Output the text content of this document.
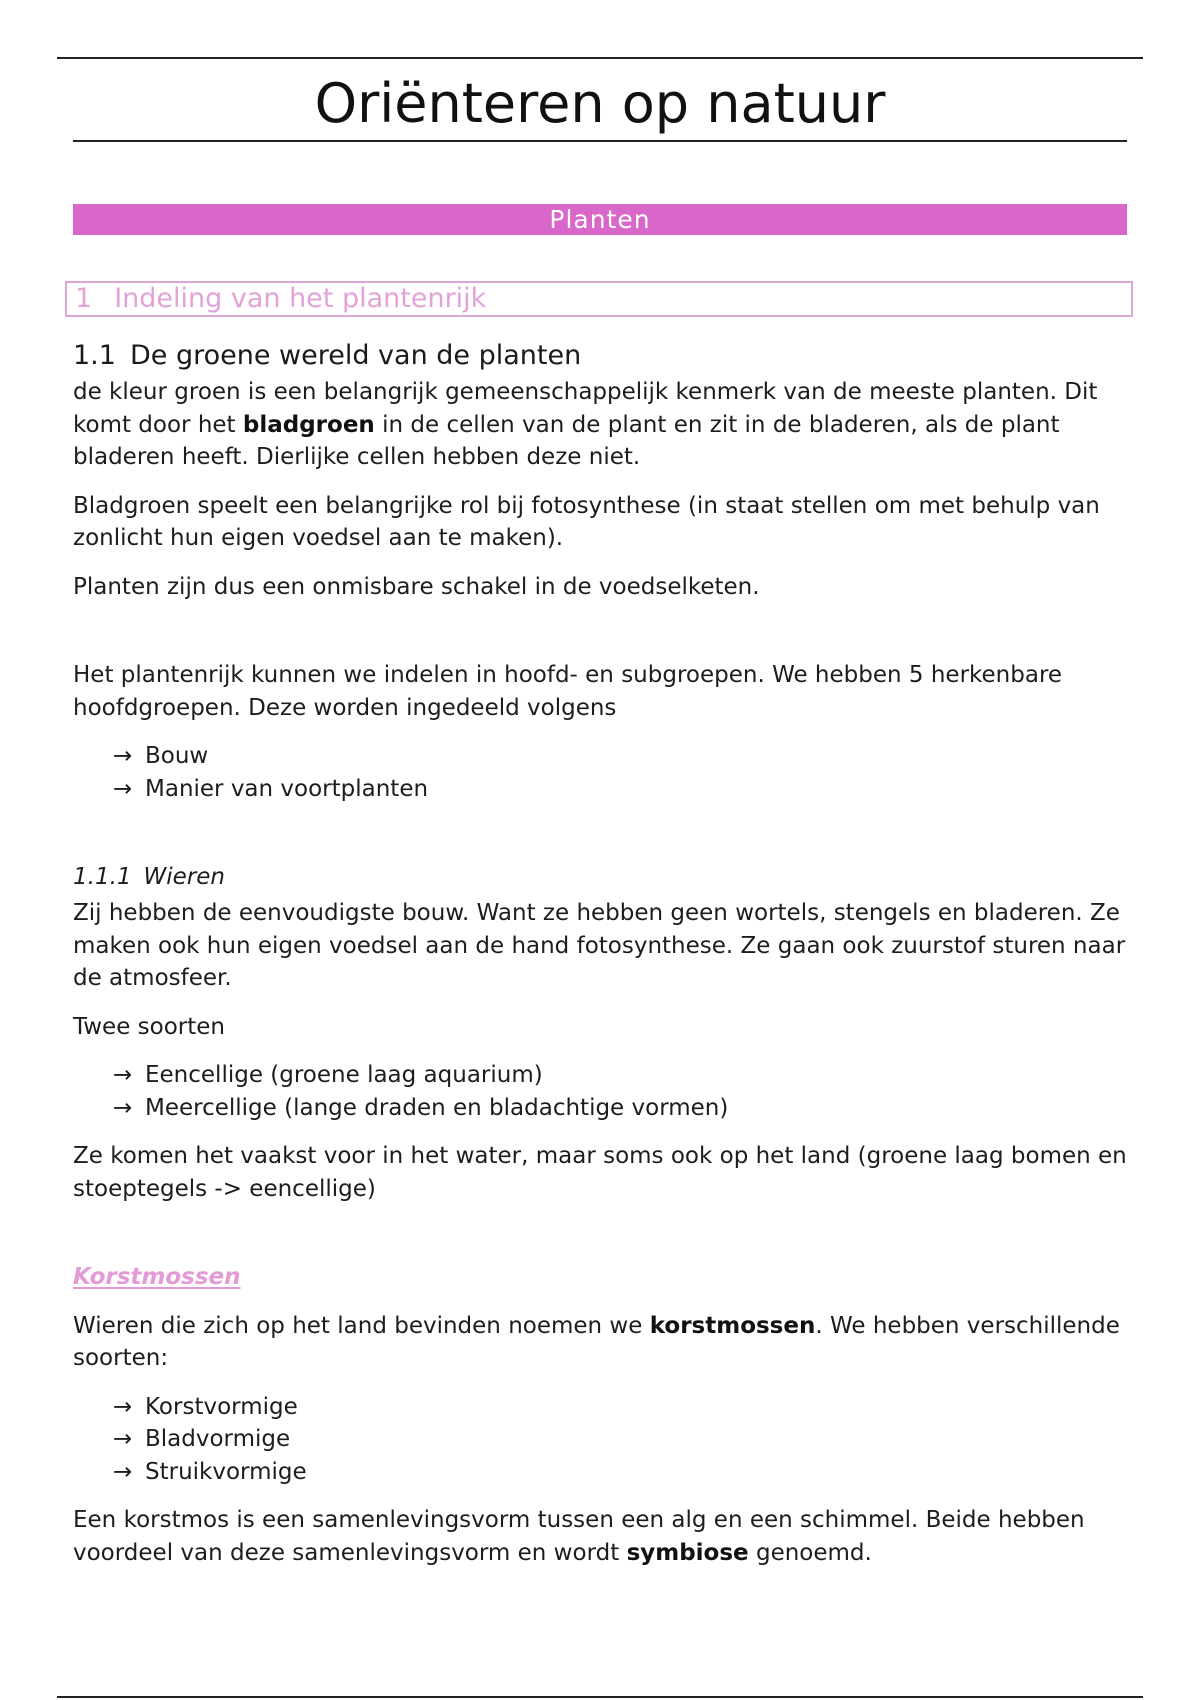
Oriënteren op natuur
Planten
1 Indeling van het plantenrijk
1.1 De groene wereld van de planten

de kleur groen is een belangrijk gemeenschappelijk kenmerk van de meeste planten. Dit komt door het bladgroen in de cellen van de plant en zit in de bladeren, als de plant bladeren heeft. Dierlijke cellen hebben deze niet.

Bladgroen speelt een belangrijke rol bij fotosynthese (in staat stellen om met behulp van zonlicht hun eigen voedsel aan te maken).

Planten zijn dus een onmisbare schakel in de voedselketen.

Het plantenrijk kunnen we indelen in hoofd- en subgroepen. We hebben 5 herkenbare hoofdgroepen. Deze worden ingedeeld volgens

→ Bouw
→ Manier van voortplanten
1.1.1 Wieren

Zij hebben de eenvoudigste bouw. Want ze hebben geen wortels, stengels en bladeren. Ze maken ook hun eigen voedsel aan de hand fotosynthese. Ze gaan ook zuurstof sturen naar de atmosfeer.

Twee soorten

→ Eencellige (groene laag aquarium)
→ Meercellige (lange draden en bladachtige vormen)

Ze komen het vaakst voor in het water, maar soms ook op het land (groene laag bomen en stoeptegels -> eencellige)

Korstmossen

Wieren die zich op het land bevinden noemen we korstmossen. We hebben verschillende soorten:

→ Korstvormige
→ Bladvormige
→ Struikvormige

Een korstmos is een samenlevingsvorm tussen een alg en een schimmel. Beide hebben voordeel van deze samenlevingsvorm en wordt symbiose genoemd.
